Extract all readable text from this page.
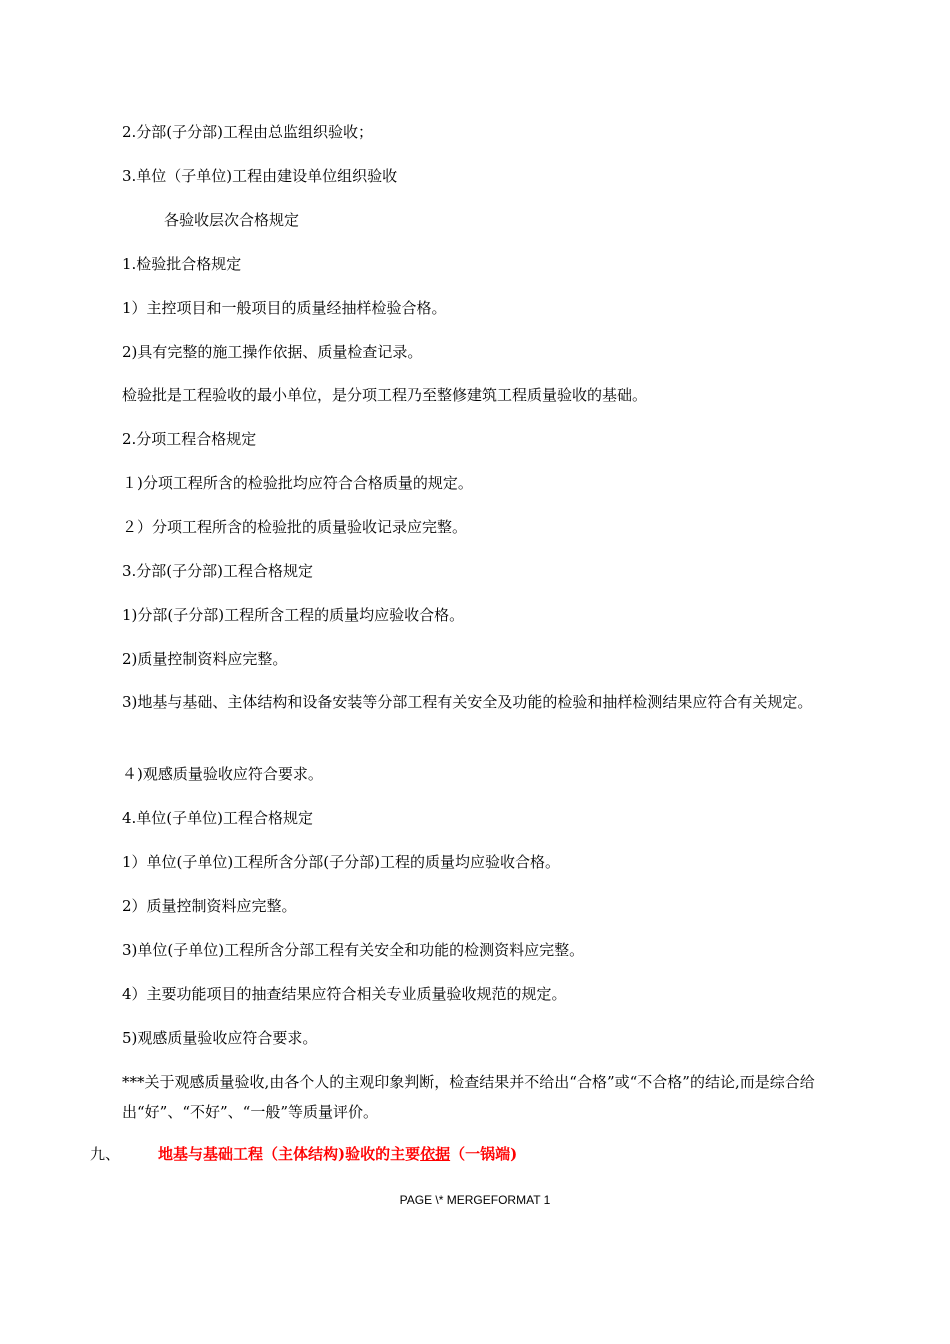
2.分部(子分部)工程由总监组织验收；
3.单位（子单位)工程由建设单位组织验收
各验收层次合格规定
1.检验批合格规定
1）主控项目和一般项目的质量经抽样检验合格。
2)具有完整的施工操作依据、质量检查记录。
检验批是工程验收的最小单位，是分项工程乃至整修建筑工程质量验收的基础。
2.分项工程合格规定
１)分项工程所含的检验批均应符合合格质量的规定。
２）分项工程所含的检验批的质量验收记录应完整。
3.分部(子分部)工程合格规定
1)分部(子分部)工程所含工程的质量均应验收合格。
2)质量控制资料应完整。
3)地基与基础、主体结构和设备安装等分部工程有关安全及功能的检验和抽样检测结果应符合有关规定。
４)观感质量验收应符合要求。
4.单位(子单位)工程合格规定
1）单位(子单位)工程所含分部(子分部)工程的质量均应验收合格。
2）质量控制资料应完整。
3)单位(子单位)工程所含分部工程有关安全和功能的检测资料应完整。
4）主要功能项目的抽查结果应符合相关专业质量验收规范的规定。
5)观感质量验收应符合要求。
***关于观感质量验收,由各个人的主观印象判断，检查结果并不给出“合格”或“不合格”的结论,而是综合给出“好”、“不好”、“一般”等质量评价。
九、	地基与基础工程（主体结构)验收的主要依据（一锅端)
PAGE \* MERGEFORMAT 1
